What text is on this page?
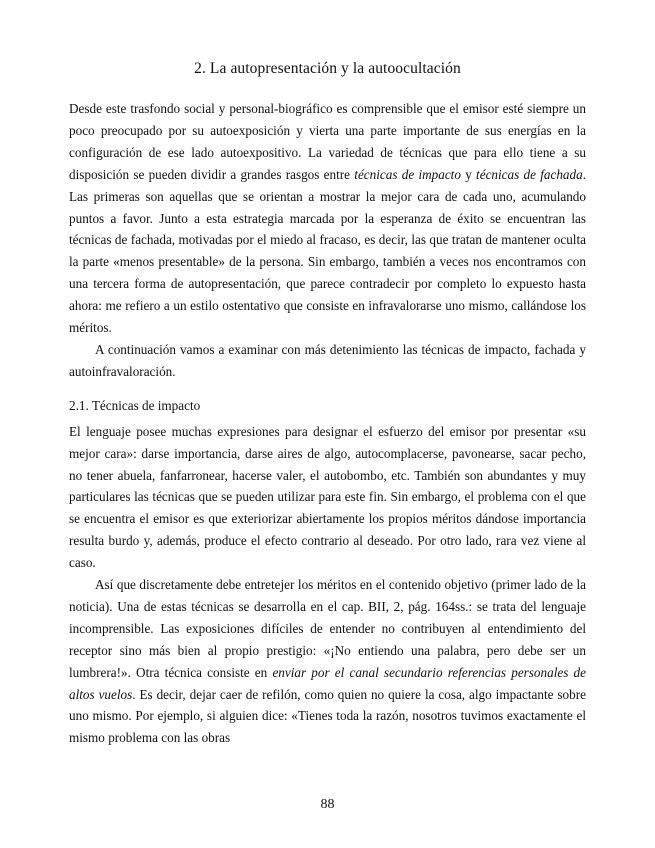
2. La autopresentación y la autoocultación

Desde este trasfondo social y personal-biográfico es comprensible que el emisor esté siempre un poco preocupado por su autoexposición y vierta una parte importante de sus energías en la configuración de ese lado autoexpositivo. La variedad de técnicas que para ello tiene a su disposición se pueden dividir a grandes rasgos entre técnicas de impacto y técnicas de fachada. Las primeras son aquellas que se orientan a mostrar la mejor cara de cada uno, acumulando puntos a favor. Junto a esta estrategia marcada por la esperanza de éxito se encuentran las técnicas de fachada, motivadas por el miedo al fracaso, es decir, las que tratan de mantener oculta la parte «menos presentable» de la persona. Sin embargo, también a veces nos encontramos con una tercera forma de autopresentación, que parece contradecir por completo lo expuesto hasta ahora: me refiero a un estilo ostentativo que consiste en infravalorarse uno mismo, callándose los méritos.

A continuación vamos a examinar con más detenimiento las técnicas de impacto, fachada y autoinfravaloración.

2.1. Técnicas de impacto

El lenguaje posee muchas expresiones para designar el esfuerzo del emisor por presentar «su mejor cara»: darse importancia, darse aires de algo, autocomplacerse, pavonearse, sacar pecho, no tener abuela, fanfarronear, hacerse valer, el autobombo, etc. También son abundantes y muy particulares las técnicas que se pueden utilizar para este fin. Sin embargo, el problema con el que se encuentra el emisor es que exteriorizar abiertamente los propios méritos dándose importancia resulta burdo y, además, produce el efecto contrario al deseado. Por otro lado, rara vez viene al caso.

Así que discretamente debe entretejer los méritos en el contenido objetivo (primer lado de la noticia). Una de estas técnicas se desarrolla en el cap. BII, 2, pág. 164ss.: se trata del lenguaje incomprensible. Las exposiciones difíciles de entender no contribuyen al entendimiento del receptor sino más bien al propio prestigio: «¡No entiendo una palabra, pero debe ser un lumbrera!». Otra técnica consiste en enviar por el canal secundario referencias personales de altos vuelos. Es decir, dejar caer de refilón, como quien no quiere la cosa, algo impactante sobre uno mismo. Por ejemplo, si alguien dice: «Tienes toda la razón, nosotros tuvimos exactamente el mismo problema con las obras

88
